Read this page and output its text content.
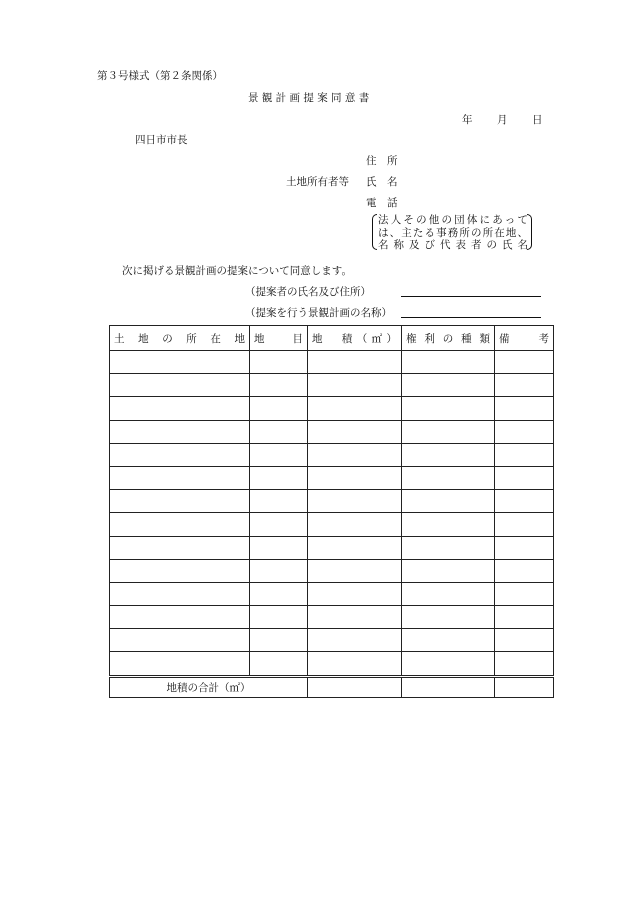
第３号様式（第２条関係）
景 観 計 画 提 案 同 意 書
年 月 日
四日市市長
住　所
土地所有者等 氏　名
電　話
法人その他の団体にあって
は、主たる事務所の所在地、
名称及び代表者の氏名
次に掲げる景観計画の提案について同意します。
（提案者の氏名及び住所）
（提案を行う景観計画の名称）
土地の所在地	地目	地　積（㎡）	権利の種類	備考

地積の合計（㎡）				
